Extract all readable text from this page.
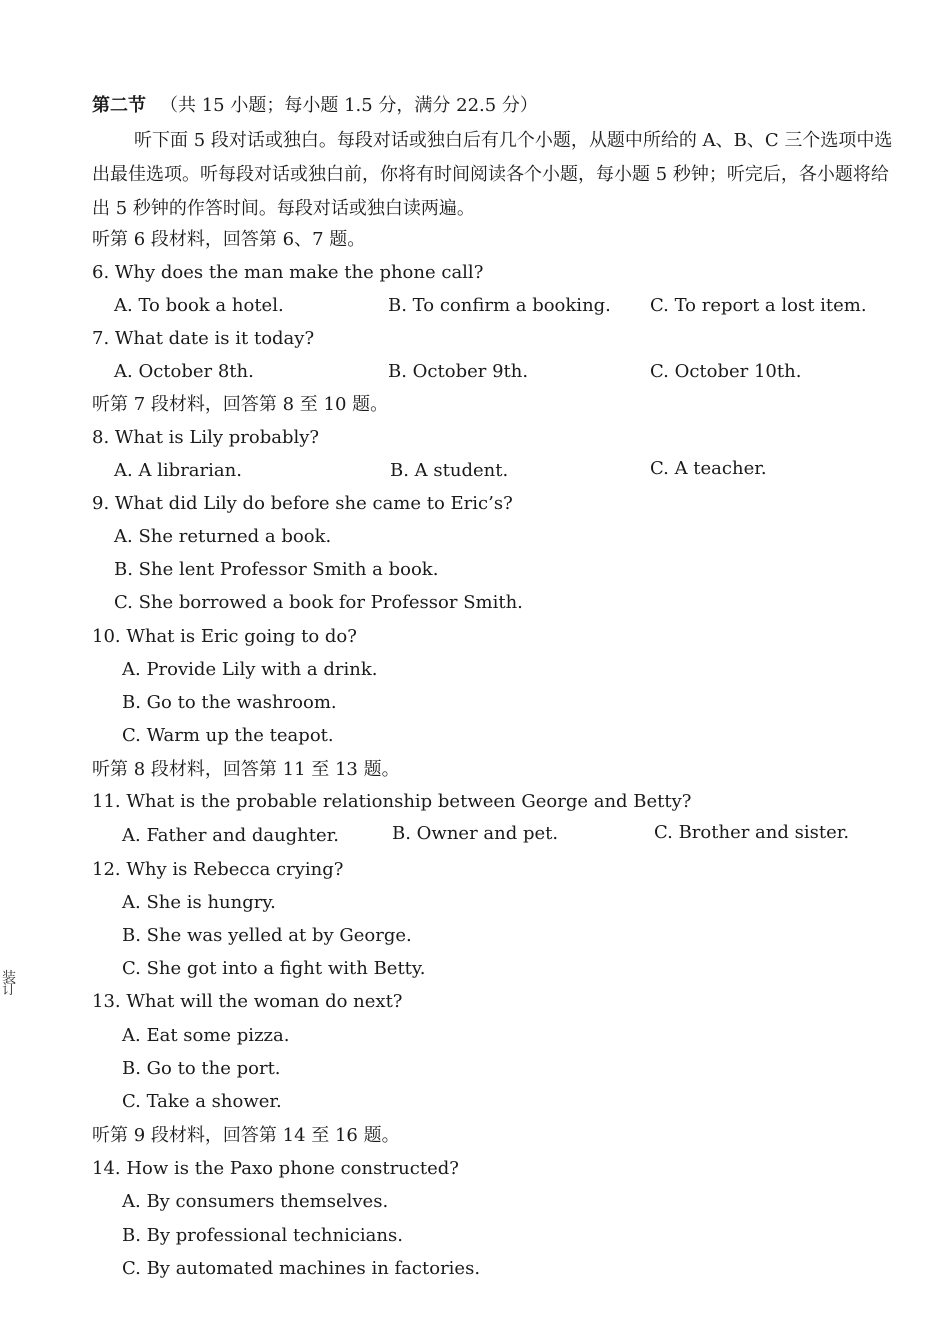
第二节 （共 15 小题；每小题 1.5 分，满分 22.5 分）
听下面 5 段对话或独白。每段对话或独白后有几个小题，从题中所给的 A、B、C 三个选项中选出最佳选项。听每段对话或独白前，你将有时间阅读各个小题，每小题 5 秒钟；听完后，各小题将给出 5 秒钟的作答时间。每段对话或独白读两遍。
听第 6 段材料，回答第 6、7 题。
6. Why does the man make the phone call?
A. To book a hotel.	B. To confirm a booking. C. To report a lost item.
7. What date is it today?
A. October 8th.	B. October 9th.	C. October 10th.
听第 7 段材料，回答第 8 至 10 题。
8. What is Lily probably?
A. A librarian.	B. A student.	C. A teacher.
9. What did Lily do before she came to Eric’s?
A. She returned a book.
B. She lent Professor Smith a book.
C. She borrowed a book for Professor Smith.
10. What is Eric going to do?
A. Provide Lily with a drink.
B. Go to the washroom.
C. Warm up the teapot.
听第 8 段材料，回答第 11 至 13 题。
11. What is the probable relationship between George and Betty?
A. Father and daughter.	B. Owner and pet.	C. Brother and sister.
12. Why is Rebecca crying?
A. She is hungry.
B. She was yelled at by George.
C. She got into a fight with Betty.
13. What will the woman do next?
A. Eat some pizza.
B. Go to the port.
C. Take a shower.
听第 9 段材料，回答第 14 至 16 题。
14. How is the Paxo phone constructed?
A. By consumers themselves.
B. By professional technicians.
C. By automated machines in factories.
装订
